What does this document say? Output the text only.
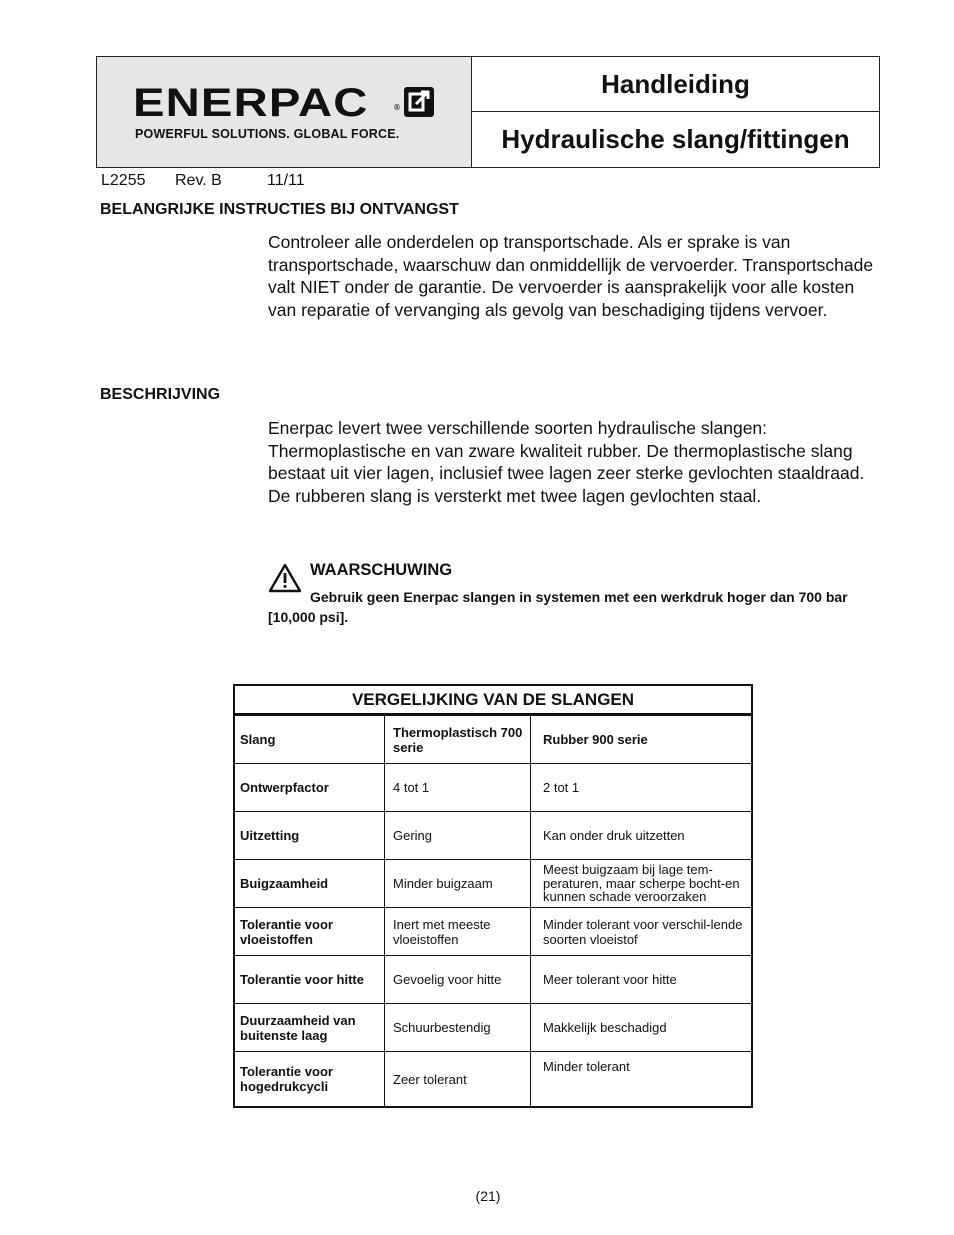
ENERPAC	®
POWERFUL SOLUTIONS. GLOBAL FORCE.
Handleiding
Hydraulische slang/fittingen
L2255 Rev. B	11/11
BELANGRIJKE INSTRUCTIES BIJ ONTVANGST
Controleer alle onderdelen op transportschade. Als er sprake is van transportschade, waarschuw dan onmiddellijk de vervoerder. Transportschade valt NIET onder de garantie. De vervoerder is aansprakelijk voor alle kosten van reparatie of vervanging als gevolg van beschadiging tijdens vervoer.
BESCHRIJVING
Enerpac levert twee verschillende soorten hydraulische slangen: Thermoplastische en van zware kwaliteit rubber. De thermoplastische slang bestaat uit vier lagen, inclusief twee lagen zeer sterke gevlochten staaldraad. De rubberen slang is versterkt met twee lagen gevlochten staal.
WAARSCHUWING
Gebruik geen Enerpac slangen in systemen met een werkdruk hoger dan 700 bar [10,000 psi].
VERGELIJKING VAN DE SLANGEN		
Slang	Thermoplastisch 700 serie	Rubber 900 serie
Ontwerpfactor	4 tot 1	2 tot 1
Uitzetting	Gering	Kan onder druk uitzetten
Buigzaamheid	Minder buigzaam	Meest buigzaam bij lage tem-peraturen, maar scherpe bocht-en kunnen schade veroorzaken
Tolerantie voor vloeistoffen	Inert met meeste vloeistoffen	Minder tolerant voor verschil-lende soorten vloeistof
Tolerantie voor hitte	Gevoelig voor hitte	Meer tolerant voor hitte
Duurzaamheid van buitenste laag	Schuurbestendig	Makkelijk beschadigd
Tolerantie voor hogedrukcycli	Zeer tolerant	Minder tolerant
(21)
